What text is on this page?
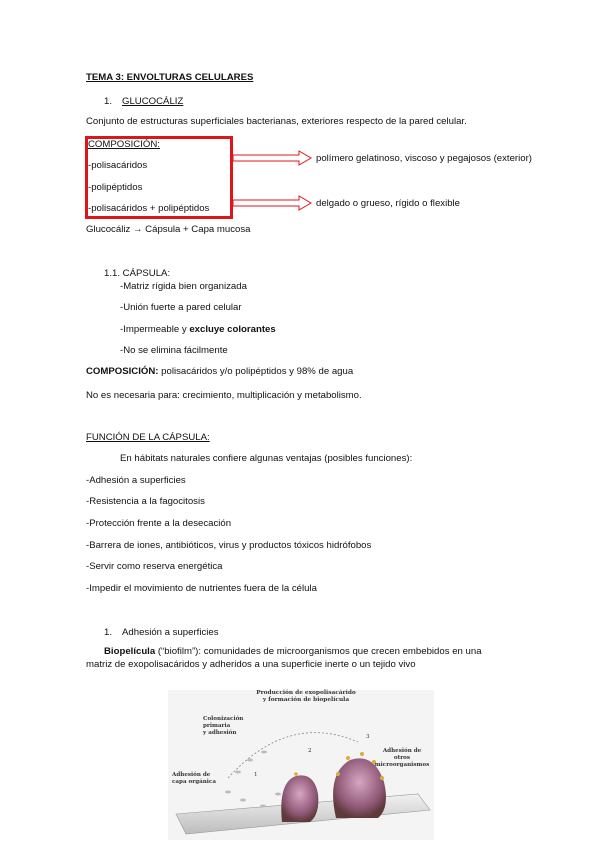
TEMA 3: ENVOLTURAS CELULARES
1. GLUCOCÁLIZ
Conjunto de estructuras superficiales bacterianas, exteriores respecto de la pared celular.
COMPOSICIÓN:
-polisacáridos
-polipéptidos
-polisacáridos + polipéptidos
polímero gelatinoso, viscoso y pegajosos (exterior)
delgado o grueso, rígido o flexible
Glucocáliz → Cápsula + Capa mucosa
1.1. CÁPSULA:
-Matriz rígida bien organizada
-Unión fuerte a pared celular
-Impermeable y excluye colorantes
-No se elimina fácilmente
COMPOSICIÓN: polisacáridos y/o polipéptidos y 98% de agua
No es necesaria para: crecimiento, multiplicación y metabolismo.
FUNCIÓN DE LA CÁPSULA:
En hábitats naturales confiere algunas ventajas (posibles funciones):
-Adhesión a superficies
-Resistencia a la fagocitosis
-Protección frente a la desecación
-Barrera de iones, antibióticos, virus y productos tóxicos hidrófobos
-Servir como reserva energética
-Impedir el movimiento de nutrientes fuera de la célula
1. Adhesión a superficies
Biopelícula (“biofilm”): comunidades de microorganismos que crecen embebidos en una
matriz de exopolisacáridos y adheridos a una superficie inerte o un tejido vivo
Producción de exopolisacárido
y formación de biopelícula
Colonización
primaria
y adhesión
Adhesión de
otros
microorganismos
Adhesión de
capa orgánica
1
2
3
